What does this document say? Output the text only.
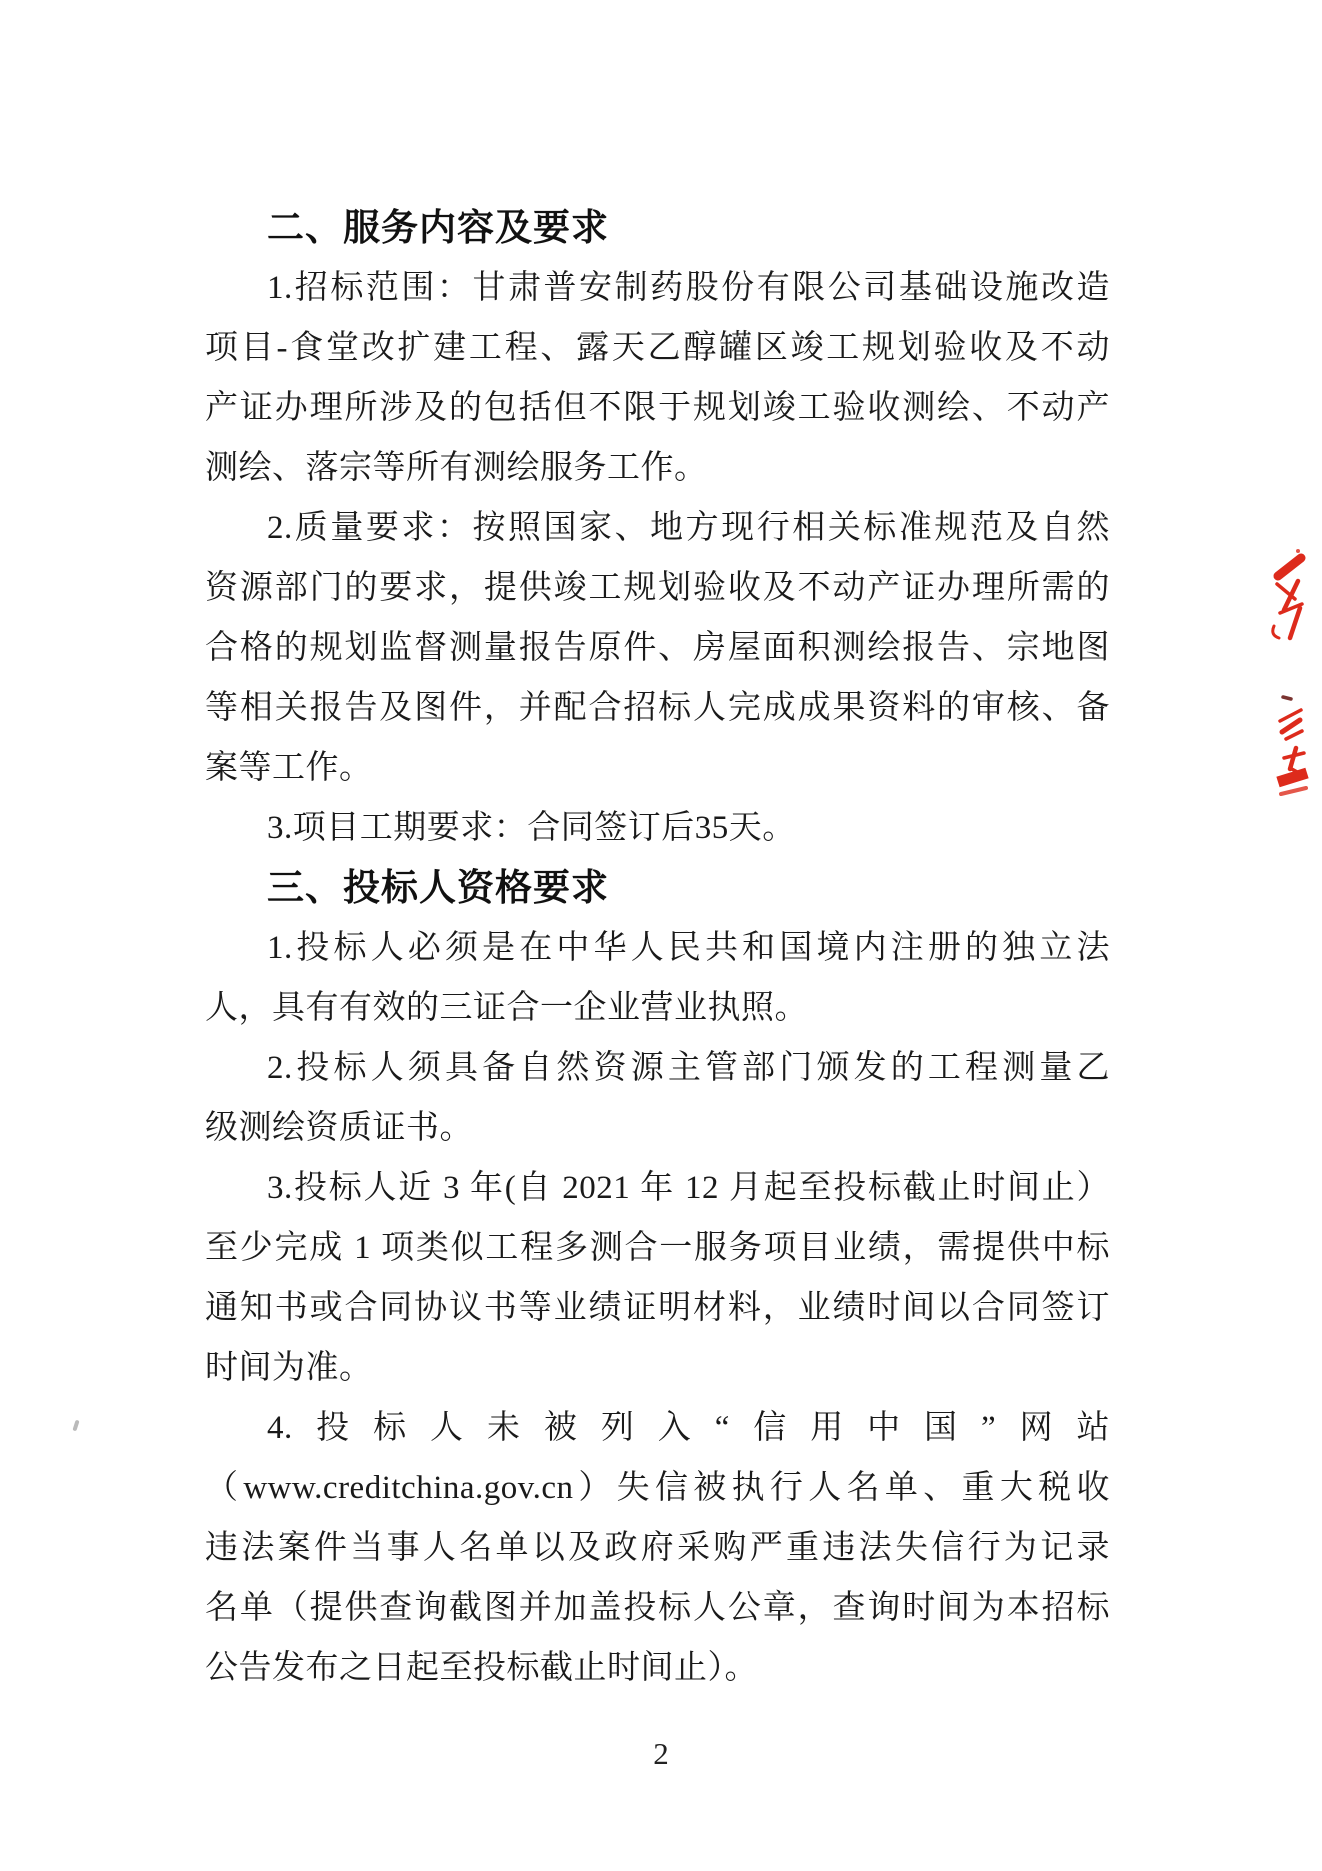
二、服务内容及要求
1.招标范围：甘肃普安制药股份有限公司基础设施改造
项目-食堂改扩建工程、露天乙醇罐区竣工规划验收及不动
产证办理所涉及的包括但不限于规划竣工验收测绘、不动产
测绘、落宗等所有测绘服务工作。
2.质量要求：按照国家、地方现行相关标准规范及自然
资源部门的要求，提供竣工规划验收及不动产证办理所需的
合格的规划监督测量报告原件、房屋面积测绘报告、宗地图
等相关报告及图件，并配合招标人完成成果资料的审核、备
案等工作。
3.项目工期要求：合同签订后35天。
三、投标人资格要求
1.投标人必须是在中华人民共和国境内注册的独立法
人，具有有效的三证合一企业营业执照。
2.投标人须具备自然资源主管部门颁发的工程测量乙
级测绘资质证书。
3.投标人近 3 年(自 2021 年 12 月起至投标截止时间止）
至少完成 1 项类似工程多测合一服务项目业绩，需提供中标
通知书或合同协议书等业绩证明材料，业绩时间以合同签订
时间为准。
4.投标人未被列入“信用中国”网站
（www.creditchina.gov.cn）失信被执行人名单、重大税收
违法案件当事人名单以及政府采购严重违法失信行为记录
名单（提供查询截图并加盖投标人公章，查询时间为本招标
公告发布之日起至投标截止时间止）。
2
